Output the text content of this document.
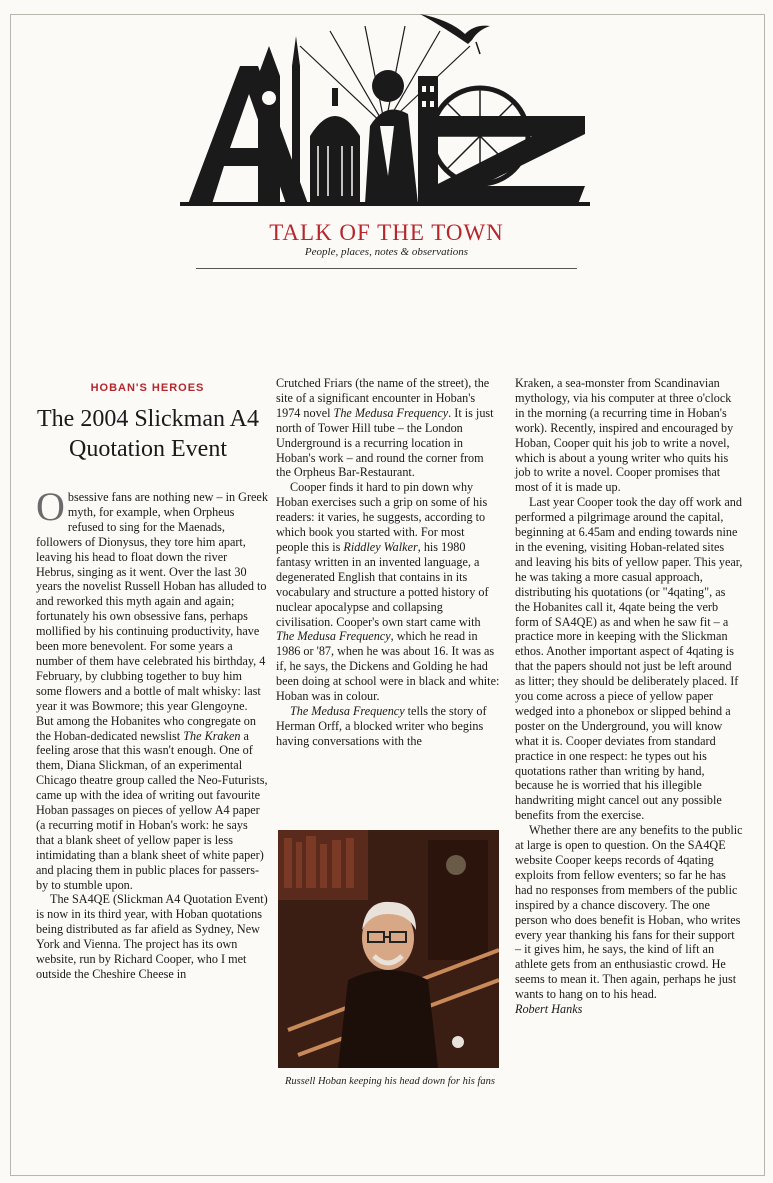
TALK OF THE TOWN
People, places, notes & observations
HOBAN'S HEROES
The 2004 Slickman A4 Quotation Event

Obsessive fans are nothing new – in Greek myth, for example, when Orpheus refused to sing for the Maenads, followers of Dionysus, they tore him apart, leaving his head to float down the river Hebrus, singing as it went. Over the last 30 years the novelist Russell Hoban has alluded to and reworked this myth again and again; fortunately his own obsessive fans, perhaps mollified by his continuing productivity, have been more benevolent. For some years a number of them have celebrated his birthday, 4 February, by clubbing together to buy him some flowers and a bottle of malt whisky: last year it was Bowmore; this year Glengoyne. But among the Hobanites who congregate on the Hoban-dedicated newslist The Kraken a feeling arose that this wasn't enough. One of them, Diana Slickman, of an experimental Chicago theatre group called the Neo-Futurists, came up with the idea of writing out favourite Hoban passages on pieces of yellow A4 paper (a recurring motif in Hoban's work: he says that a blank sheet of yellow paper is less intimidating than a blank sheet of white paper) and placing them in public places for passers-by to stumble upon.

The SA4QE (Slickman A4 Quotation Event) is now in its third year, with Hoban quotations being distributed as far afield as Sydney, New York and Vienna. The project has its own website, run by Richard Cooper, who I met outside the Cheshire Cheese in

Crutched Friars (the name of the street), the site of a significant encounter in Hoban's 1974 novel The Medusa Frequency. It is just north of Tower Hill tube – the London Underground is a recurring location in Hoban's work – and round the corner from the Orpheus Bar-Restaurant.

Cooper finds it hard to pin down why Hoban exercises such a grip on some of his readers: it varies, he suggests, according to which book you started with. For most people this is Riddley Walker, his 1980 fantasy written in an invented language, a degenerated English that contains in its vocabulary and structure a potted history of nuclear apocalypse and collapsing civilisation. Cooper's own start came with The Medusa Frequency, which he read in 1986 or '87, when he was about 16. It was as if, he says, the Dickens and Golding he had been doing at school were in black and white: Hoban was in colour.

The Medusa Frequency tells the story of Herman Orff, a blocked writer who begins having conversations with the

Russell Hoban keeping his head down for his fans

Kraken, a sea-monster from Scandinavian mythology, via his computer at three o'clock in the morning (a recurring time in Hoban's work). Recently, inspired and encouraged by Hoban, Cooper quit his job to write a novel, which is about a young writer who quits his job to write a novel. Cooper promises that most of it is made up.

Last year Cooper took the day off work and performed a pilgrimage around the capital, beginning at 6.45am and ending towards nine in the evening, visiting Hoban-related sites and leaving his bits of yellow paper. This year, he was taking a more casual approach, distributing his quotations (or "4qating", as the Hobanites call it, 4qate being the verb form of SA4QE) as and when he saw fit – a practice more in keeping with the Slickman ethos. Another important aspect of 4qating is that the papers should not just be left around as litter; they should be deliberately placed. If you come across a piece of yellow paper wedged into a phonebox or slipped behind a poster on the Underground, you will know what it is. Cooper deviates from standard practice in one respect: he types out his quotations rather than writing by hand, because he is worried that his illegible handwriting might cancel out any possible benefits from the exercise.

Whether there are any benefits to the public at large is open to question. On the SA4QE website Cooper keeps records of 4qating exploits from fellow eventers; so far he has had no responses from members of the public inspired by a chance discovery. The one person who does benefit is Hoban, who writes every year thanking his fans for their support – it gives him, he says, the kind of lift an athlete gets from an enthusiastic crowd. He seems to mean it. Then again, perhaps he just wants to hang on to his head.

Robert Hanks
